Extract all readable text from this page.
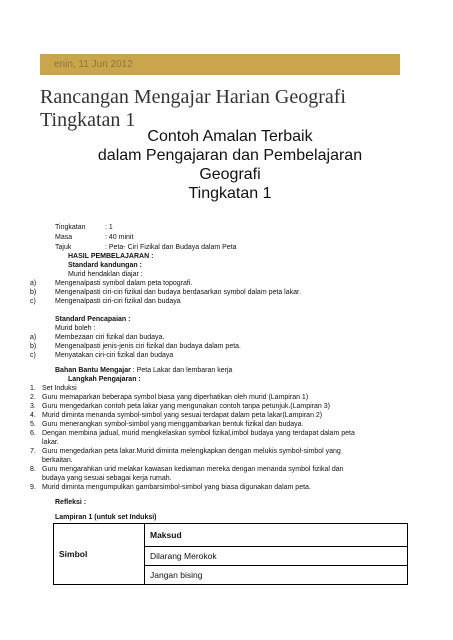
enin, 11 Jun 2012
Rancangan Mengajar Harian Geografi
Tingkatan 1
Contoh Amalan Terbaik
dalam Pengajaran dan Pembelajaran
Geografi
Tingkatan 1
Tingkatan	: 1
Masa	: 40 minit
Tajuk	: Peta- Ciri Fizikal dan Budaya dalam Peta
HASIL PEMBELAJARAN :
Standard kandungan :
Murid hendaklan diajar :
a)	Mengenalpasti symbol dalam peta topografi.
b)	Mengenalpasti ciri-ciri fizikal dan budaya berdasarkan symbol dalam peta lakar.
c)	Mengenalpasti ciri-ciri fizikal dan budaya
Standard Pencapaian :
Murid boleh :
a)	Membezaan ciri fizikal dan budaya.
b)	Mengenalpasti jenis-jenis ciri fizikal dan budaya dalam peta.
c)	Menyatakan ciri-ciri fizikal dan budaya
Bahan Bantu Mengajar : Peta Lakar dan lembaran kerja
Langkah Pengajaran :
1. Set Induksi
2. Guru memaparkan beberapa symbol biasa yang diperhatikan oleh murid (Lampiran 1)
3. Guru mengedarkan contoh peta lakar yang mengunakan contoh tanpa petunjuk.(Lampiran 3)
4. Murid diminta menanda symbol-simbol yang sesuai terdapat dalam peta lakar(Lampiran 2)
5. Guru menerangkan symbol-simbol yang menggambarkan bentuk fizikal dan budaya.
6. Dengan membina jadual, murid mengkelaskan symbol fizikal,imbol budaya yang terdapat dalam peta
lakar.
7. Guru mengedarkan peta lakar.Murid diminta melengkapkan dengan melukis symbol-simbol yang
berkaitan.
8. Guru mengarahkan urid melakar kawasan kediaman mereka dengan menanda symbol fizikal dan
budaya yang sesuai sebagai kerja rumah.
9. Murid diminta mengumpulkan gambarsimbol-simbol yang biasa digunakan dalam peta.
Refleksi :
Lampiran 1 (untuk set Induksi)
Simbol	Maksud
Dilarang Merokok
Jangan bising
